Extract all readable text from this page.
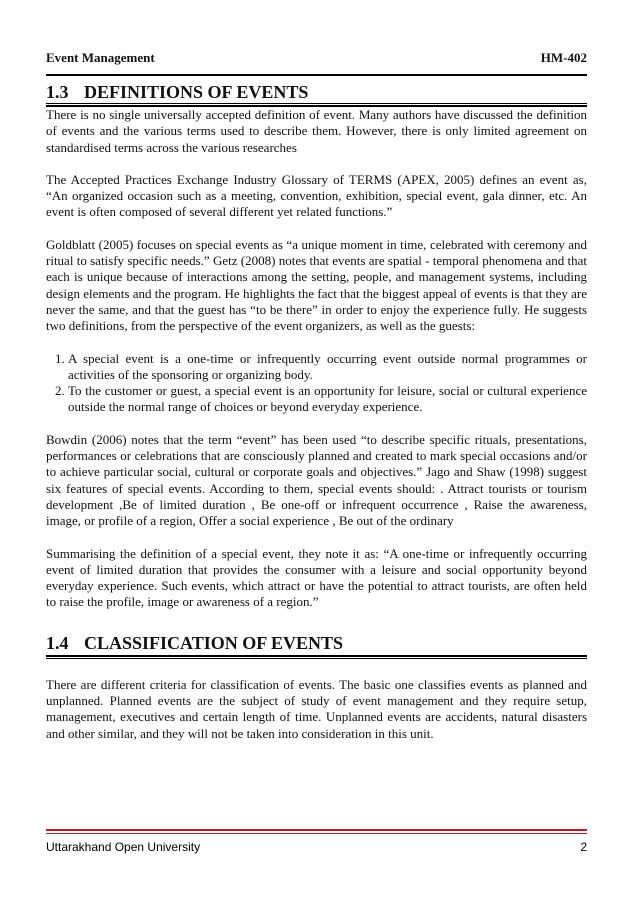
Event Management	HM-402
1.3 DEFINITIONS OF EVENTS

There is no single universally accepted definition of event. Many authors have discussed the definition of events and the various terms used to describe them. However, there is only limited agreement on standardised terms across the various researches

The Accepted Practices Exchange Industry Glossary of TERMS (APEX, 2005) defines an event as, “An organized occasion such as a meeting, convention, exhibition, special event, gala dinner, etc. An event is often composed of several different yet related functions.”

Goldblatt (2005) focuses on special events as “a unique moment in time, celebrated with ceremony and ritual to satisfy specific needs.” Getz (2008) notes that events are spatial - temporal phenomena and that each is unique because of interactions among the setting, people, and management systems, including design elements and the program. He highlights the fact that the biggest appeal of events is that they are never the same, and that the guest has “to be there” in order to enjoy the experience fully. He suggests two definitions, from the perspective of the event organizers, as well as the guests:

1. A special event is a one-time or infrequently occurring event outside normal programmes or activities of the sponsoring or organizing body.
2. To the customer or guest, a special event is an opportunity for leisure, social or cultural experience outside the normal range of choices or beyond everyday experience.

Bowdin (2006) notes that the term “event” has been used “to describe specific rituals, presentations, performances or celebrations that are consciously planned and created to mark special occasions and/or to achieve particular social, cultural or corporate goals and objectives.” Jago and Shaw (1998) suggest six features of special events. According to them, special events should: . Attract tourists or tourism development ,Be of limited duration , Be one-off or infrequent occurrence , Raise the awareness, image, or profile of a region, Offer a social experience , Be out of the ordinary

Summarising the definition of a special event, they note it as: “A one-time or infrequently occurring event of limited duration that provides the consumer with a leisure and social opportunity beyond everyday experience. Such events, which attract or have the potential to attract tourists, are often held to raise the profile, image or awareness of a region.”

1.4 CLASSIFICATION OF EVENTS

There are different criteria for classification of events. The basic one classifies events as planned and unplanned. Planned events are the subject of study of event management and they require setup, management, executives and certain length of time. Unplanned events are accidents, natural disasters and other similar, and they will not be taken into consideration in this unit.

Uttarakhand Open University	2
